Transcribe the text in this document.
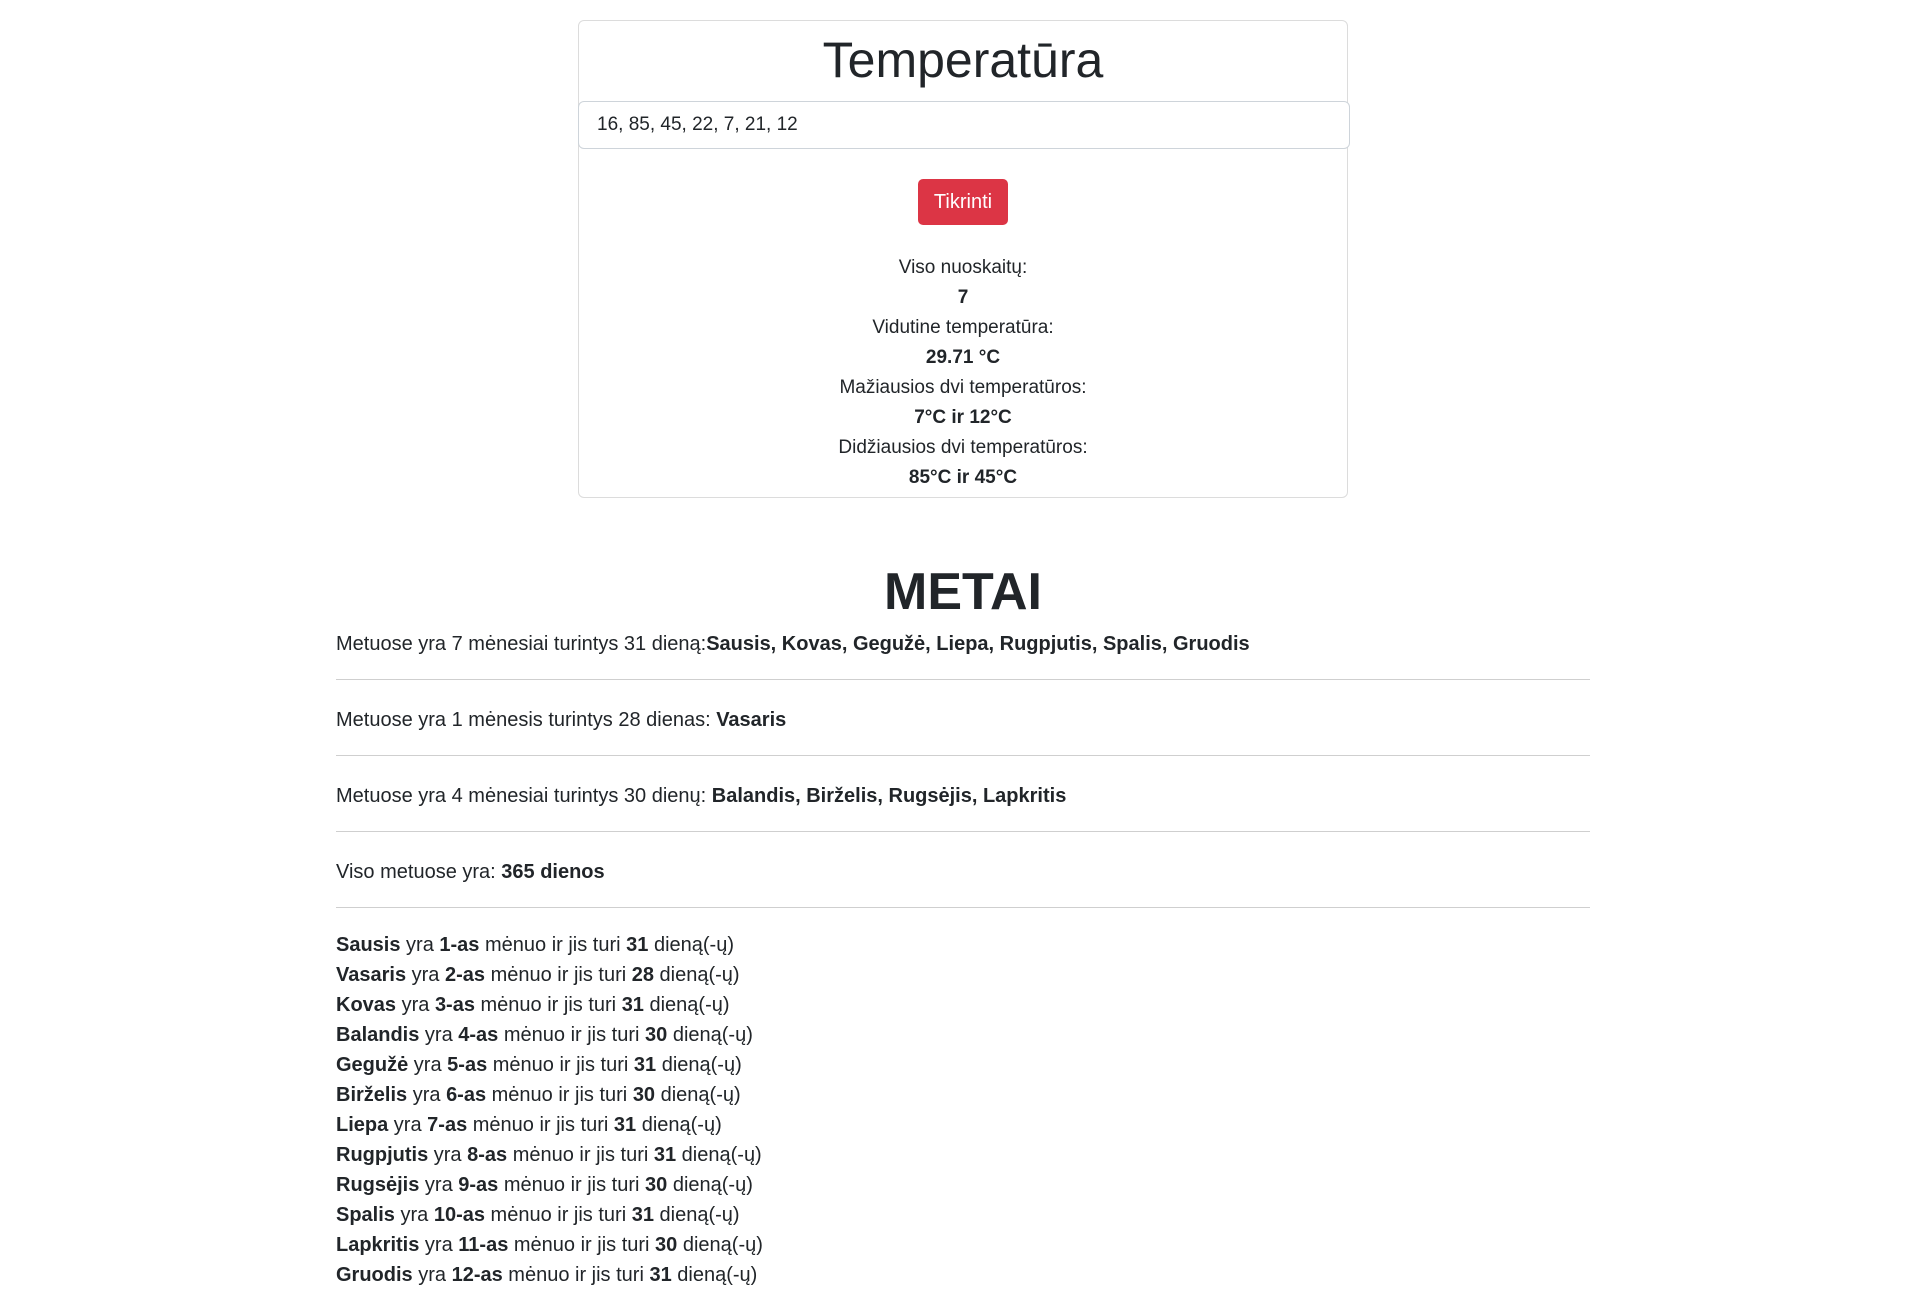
Temperatūra
16, 85, 45, 22, 7, 21, 12 Tikrinti
Viso nuoskaitų:
7
Vidutine temperatūra:
29.71 °C
Mažiausios dvi temperatūros:
7°C ir 12°C
Didžiausios dvi temperatūros:
85°C ir 45°C
METAI
Metuose yra 7 mėnesiai turintys 31 dieną:Sausis, Kovas, Gegužė, Liepa, Rugpjutis, Spalis, Gruodis
Metuose yra 1 mėnesis turintys 28 dienas: Vasaris
Metuose yra 4 mėnesiai turintys 30 dienų: Balandis, Birželis, Rugsėjis, Lapkritis
Viso metuose yra: 365 dienos
Sausis yra 1-as mėnuo ir jis turi 31 dieną(-ų)
Vasaris yra 2-as mėnuo ir jis turi 28 dieną(-ų)
Kovas yra 3-as mėnuo ir jis turi 31 dieną(-ų)
Balandis yra 4-as mėnuo ir jis turi 30 dieną(-ų)
Gegužė yra 5-as mėnuo ir jis turi 31 dieną(-ų)
Birželis yra 6-as mėnuo ir jis turi 30 dieną(-ų)
Liepa yra 7-as mėnuo ir jis turi 31 dieną(-ų)
Rugpjutis yra 8-as mėnuo ir jis turi 31 dieną(-ų)
Rugsėjis yra 9-as mėnuo ir jis turi 30 dieną(-ų)
Spalis yra 10-as mėnuo ir jis turi 31 dieną(-ų)
Lapkritis yra 11-as mėnuo ir jis turi 30 dieną(-ų)
Gruodis yra 12-as mėnuo ir jis turi 31 dieną(-ų)
